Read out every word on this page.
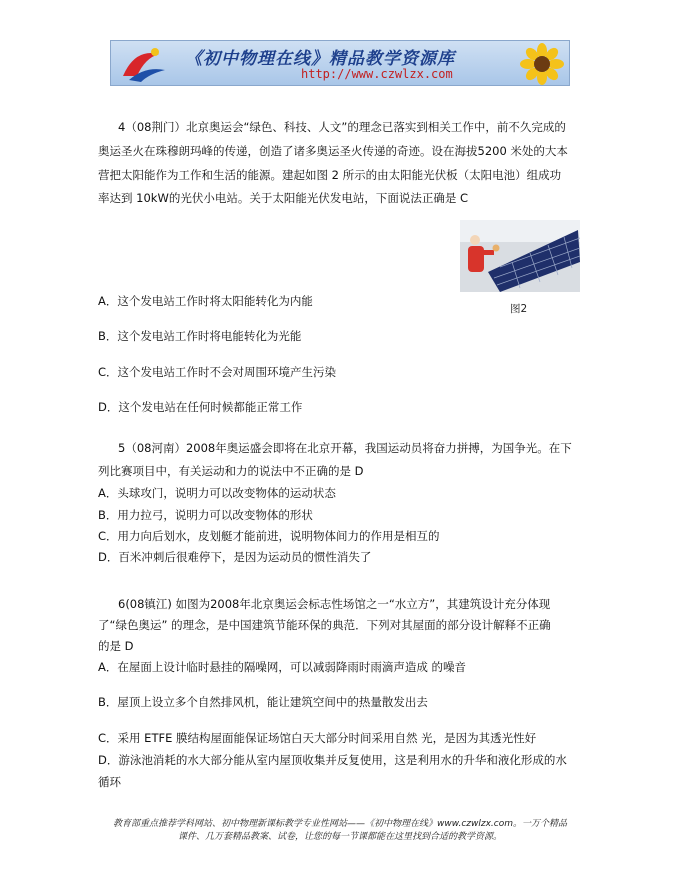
《初中物理在线》精品教学资源库
http://www.czwlzx.com
4（08荆门）北京奥运会“绿色、科技、人文”的理念已落实到相关工作中，前不久完成的
奥运圣火在珠穆朗玛峰的传递，创造了诸多奥运圣火传递的奇迹。设在海拔5200 米处的大本
营把太阳能作为工作和生活的能源。建起如图 2 所示的由太阳能光伏板（太阳电池）组成功
率达到 10kW的光伏小电站。关于太阳能光伏发电站，下面说法正确是 C
图2
A．这个发电站工作时将太阳能转化为内能
B．这个发电站工作时将电能转化为光能
C．这个发电站工作时不会对周围环境产生污染
D．这个发电站在任何时候都能正常工作
5（08河南）2008年奥运盛会即将在北京开幕，我国运动员将奋力拼搏，为国争光。在下
列比赛项目中，有关运动和力的说法中不正确的是 D
A．头球攻门，说明力可以改变物体的运动状态
B．用力拉弓，说明力可以改变物体的形状
C．用力向后划水，皮划艇才能前进，说明物体间力的作用是相互的
D．百米冲刺后很难停下，是因为运动员的惯性消失了
6(08镇江) 如图为2008年北京奥运会标志性场馆之一“水立方”，其建筑设计充分体现
了“绿色奥运” 的理念，是中国建筑节能环保的典范．下列对其屋面的部分设计解释不正确
的是 D
A．在屋面上设计临时悬挂的隔噪网，可以减弱降雨时雨滴声造成 的噪音
B．屋顶上设立多个自然排风机，能让建筑空间中的热量散发出去
C．采用 ETFE 膜结构屋面能保证场馆白天大部分时间采用自然 光，是因为其透光性好
D．游泳池消耗的水大部分能从室内屋顶收集并反复使用，这是利用水的升华和液化形成的水
循环
教育部重点推荐学科网站、初中物理新课标教学专业性网站——《初中物理在线》www.czwlzx.com。一万个精品
课件、几万套精品教案、试卷，让您的每一节课都能在这里找到合适的教学资源。
